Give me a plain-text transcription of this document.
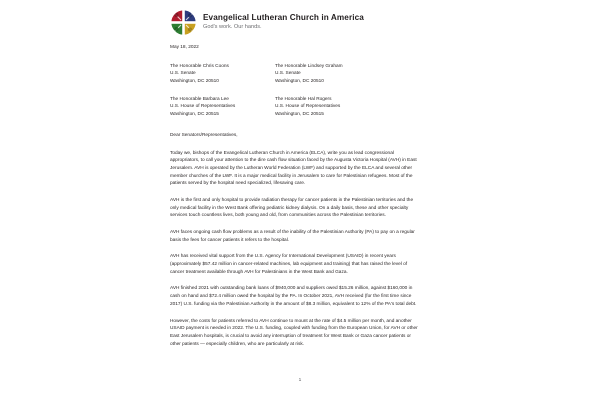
Evangelical Lutheran Church in America
God's work. Our hands.
May 18, 2022
The Honorable Chris Coons
U.S. Senate
Washington, DC 20510
The Honorable Lindsey Graham
U.S. Senate
Washington, DC 20510
The Honorable Barbara Lee
U.S. House of Representatives
Washington, DC 20515
The Honorable Hal Rogers
U.S. House of Representatives
Washington, DC 20515
Dear Senators/Representatives,

Today we, bishops of the Evangelical Lutheran Church in America (ELCA), write you as lead congressional appropriators, to call your attention to the dire cash flow situation faced by the Augusta Victoria Hospital (AVH) in East Jerusalem. AVH is operated by the Lutheran World Federation (LWF) and supported by the ELCA and several other member churches of the LWF. It is a major medical facility in Jerusalem to care for Palestinian refugees. Most of the patients served by the hospital need specialized, lifesaving care.

AVH is the first and only hospital to provide radiation therapy for cancer patients in the Palestinian territories and the only medical facility in the West Bank offering pediatric kidney dialysis. On a daily basis, these and other specialty services touch countless lives, both young and old, from communities across the Palestinian territories.

AVH faces ongoing cash flow problems as a result of the inability of the Palestinian Authority (PA) to pay on a regular basis the fees for cancer patients it refers to the hospital.

AVH has received vital support from the U.S. Agency for International Development (USAID) in recent years (approximately $57.42 million in cancer-related machines, lab equipment and training) that has raised the level of cancer treatment available through AVH for Palestinians in the West Bank and Gaza.

AVH finished 2021 with outstanding bank loans of $940,000 and suppliers owed $15.26 million, against $160,000 in cash on hand and $72.4 million owed the hospital by the PA. In October 2021, AVH received (for the first time since 2017) U.S. funding via the Palestinian Authority in the amount of $8.3 million, equivalent to 12% of the PA's total debt.

However, the costs for patients referred to AVH continue to mount at the rate of $4.5 million per month, and another USAID payment is needed in 2022. The U.S. funding, coupled with funding from the European Union, for AVH or other East Jerusalem hospitals, is crucial to avoid any interruption of treatment for West Bank or Gaza cancer patients or other patients — especially children, who are particularly at risk.

1
